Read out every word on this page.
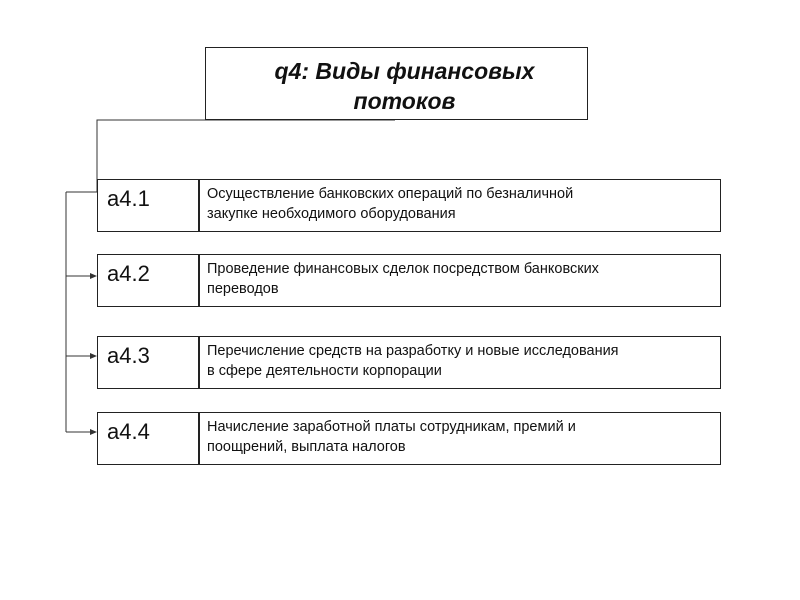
q4: Виды финансовых
потоков
a4.1	Осуществление банковских операций по безналичной
закупке необходимого оборудования
a4.2	Проведение финансовых сделок посредством банковских
переводов
a4.3	Перечисление средств на разработку и новые исследования
в сфере деятельности корпорации
a4.4	Начисление заработной платы сотрудникам, премий и
поощрений, выплата налогов
